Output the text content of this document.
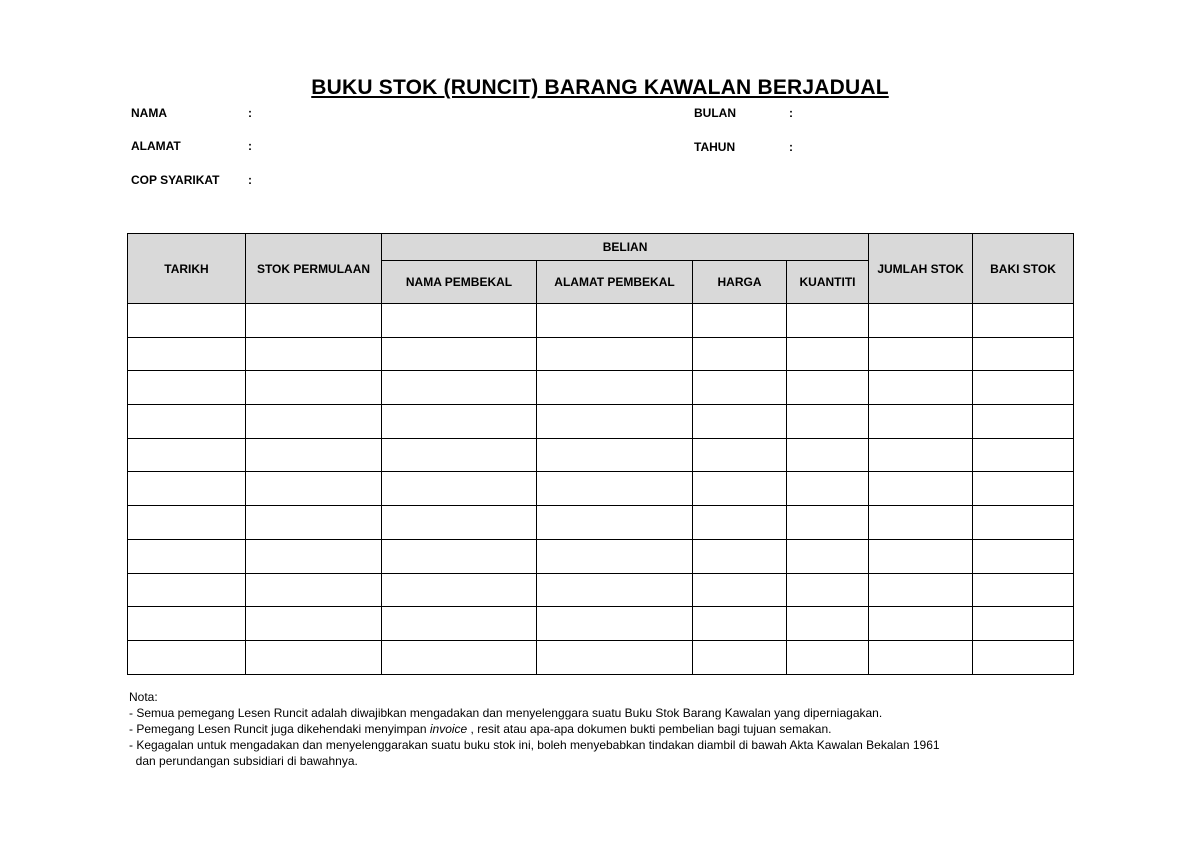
BUKU STOK (RUNCIT) BARANG KAWALAN BERJADUAL
NAMA	:
ALAMAT	:
COP SYARIKAT :
BULAN	:
TAHUN	:
TARIKH	STOK PERMULAAN	BELIAN				JUMLAH STOK	BAKI STOK
		NAMA PEMBEKAL	ALAMAT PEMBEKAL	HARGA	KUANTITI		

Nota:
- Semua pemegang Lesen Runcit adalah diwajibkan mengadakan dan menyelenggara suatu Buku Stok Barang Kawalan yang diperniagakan.
- Pemegang Lesen Runcit juga dikehendaki menyimpan invoice , resit atau apa-apa dokumen bukti pembelian bagi tujuan semakan.
- Kegagalan untuk mengadakan dan menyelenggarakan suatu buku stok ini, boleh menyebabkan tindakan diambil di bawah Akta Kawalan Bekalan 1961
dan perundangan subsidiari di bawahnya.
